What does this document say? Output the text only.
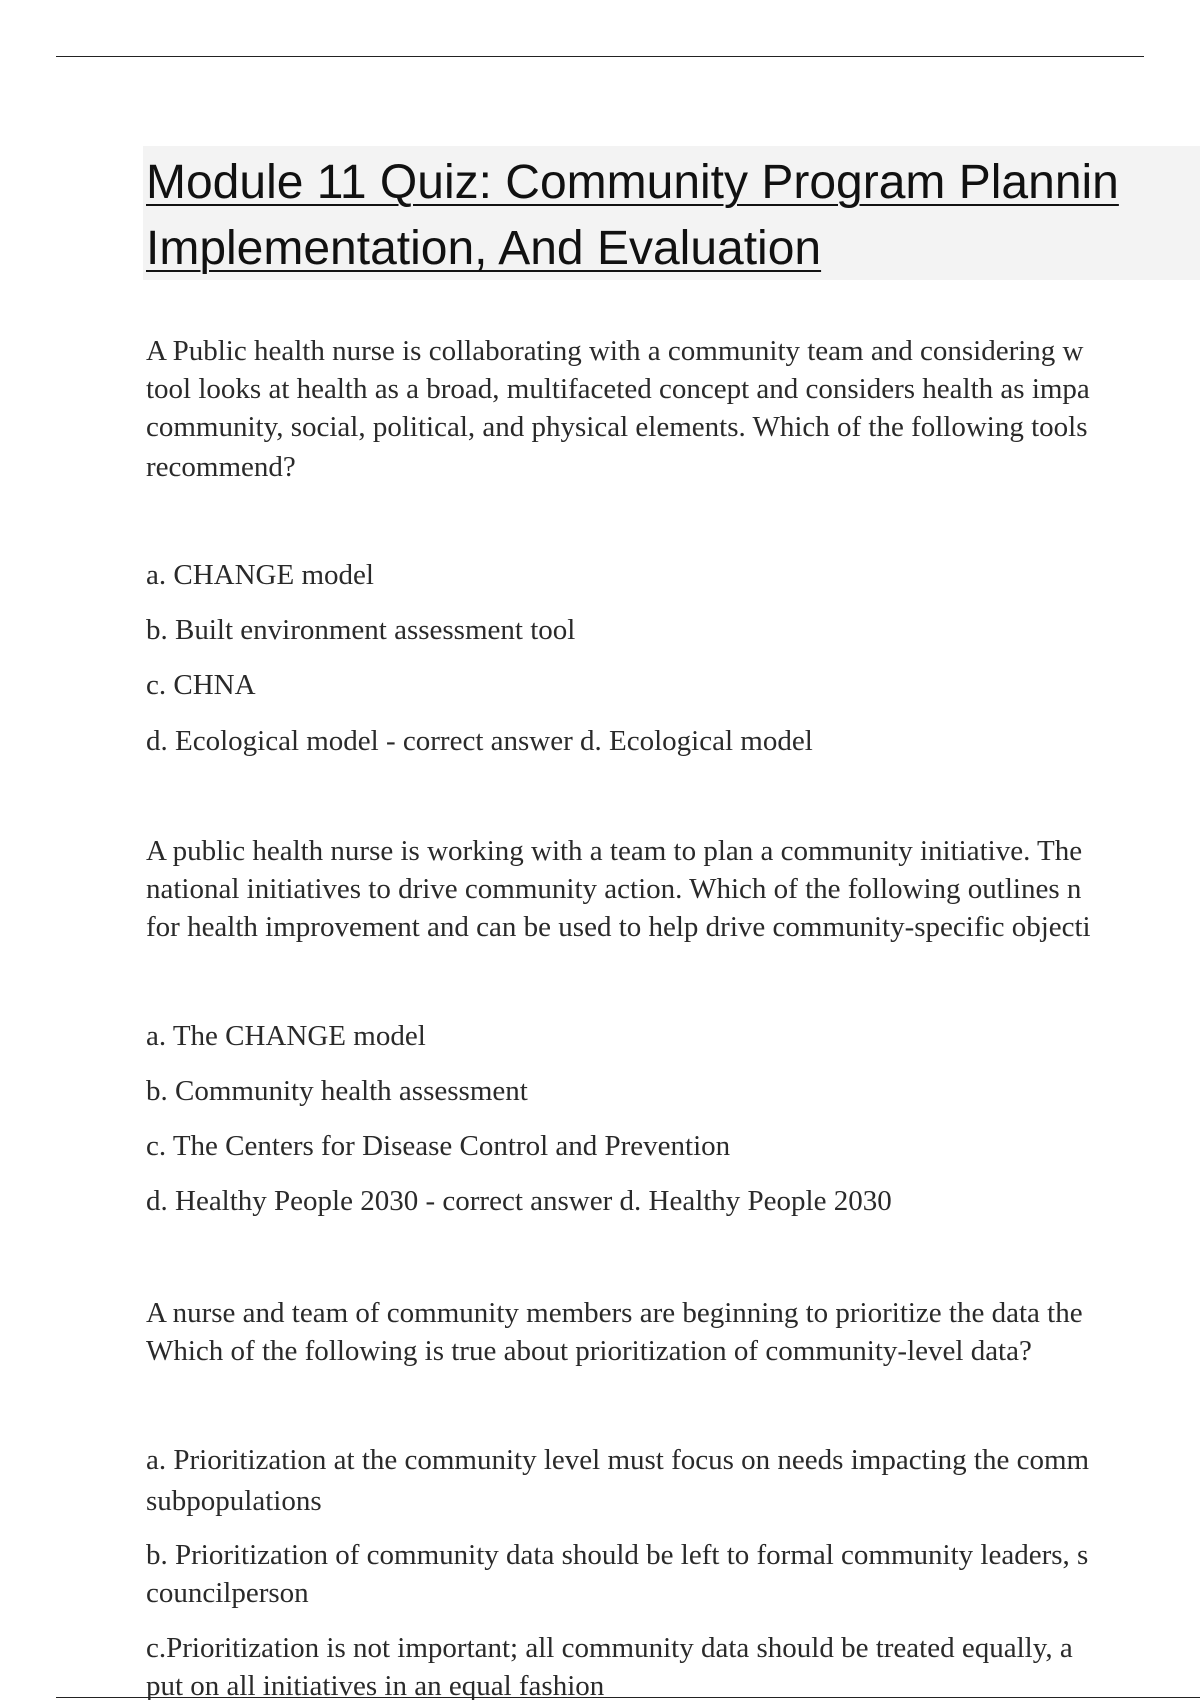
Module 11 Quiz: Community Program Plannin
Implementation, And Evaluation

A Public health nurse is collaborating with a community team and considering w

tool looks at health as a broad, multifaceted concept and considers health as impa

community, social, political, and physical elements. Which of the following tools

recommend?

a. CHANGE model

b. Built environment assessment tool

c. CHNA

d. Ecological model - correct answer d. Ecological model

A public health nurse is working with a team to plan a community initiative. The

national initiatives to drive community action. Which of the following outlines n

for health improvement and can be used to help drive community-specific objecti

a. The CHANGE model

b. Community health assessment

c. The Centers for Disease Control and Prevention

d. Healthy People 2030 - correct answer d. Healthy People 2030

A nurse and team of community members are beginning to prioritize the data the

Which of the following is true about prioritization of community-level data?

a. Prioritization at the community level must focus on needs impacting the comm

subpopulations

b. Prioritization of community data should be left to formal community leaders, s

councilperson

c.Prioritization is not important; all community data should be treated equally, a

put on all initiatives in an equal fashion
